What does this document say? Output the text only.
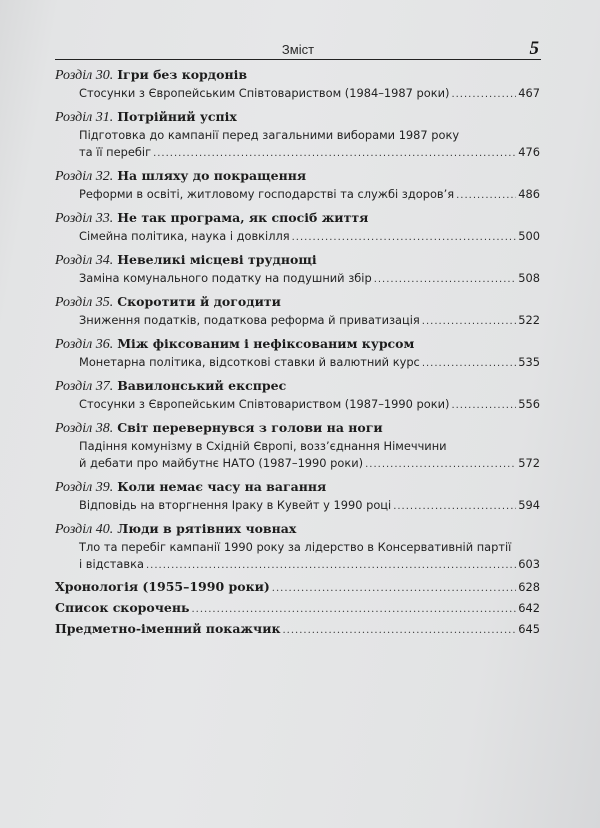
Зміст	5
Розділ 30. Ігри без кордонів
Стосунки з Європейським Співтовариством (1984–1987 роки) .....	467
Розділ 31. Потрійний успіх
Підготовка до кампанії перед загальними виборами 1987 року
та її перебіг .....	476
Розділ 32. На шляху до покращення
Реформи в освіті, житловому господарстві та службі здоров’я .....	486
Розділ 33. Не так програма, як спосіб життя
Сімейна політика, наука і довкілля .....	500
Розділ 34. Невеликі місцеві труднощі
Заміна комунального податку на подушний збір .....	508
Розділ 35. Скоротити й догодити
Зниження податків, податкова реформа й приватизація .....	522
Розділ 36. Між фіксованим і нефіксованим курсом
Монетарна політика, відсоткові ставки й валютний курс .....	535
Розділ 37. Вавилонський експрес
Стосунки з Європейським Співтовариством (1987–1990 роки) .....	556
Розділ 38. Світ перевернувся з голови на ноги
Падіння комунізму в Східній Європі, возз’єднання Німеччини
й дебати про майбутнє НАТО (1987–1990 роки) .....	572
Розділ 39. Коли немає часу на вагання
Відповідь на вторгнення Іраку в Кувейт у 1990 році .....	594
Розділ 40. Люди в рятівних човнах
Тло та перебіг кампанії 1990 року за лідерство в Консервативній партії
і відставка .....	603
Хронологія (1955–1990 роки) .....	628
Список скорочень .....	642
Предметно-іменний покажчик .....	645
